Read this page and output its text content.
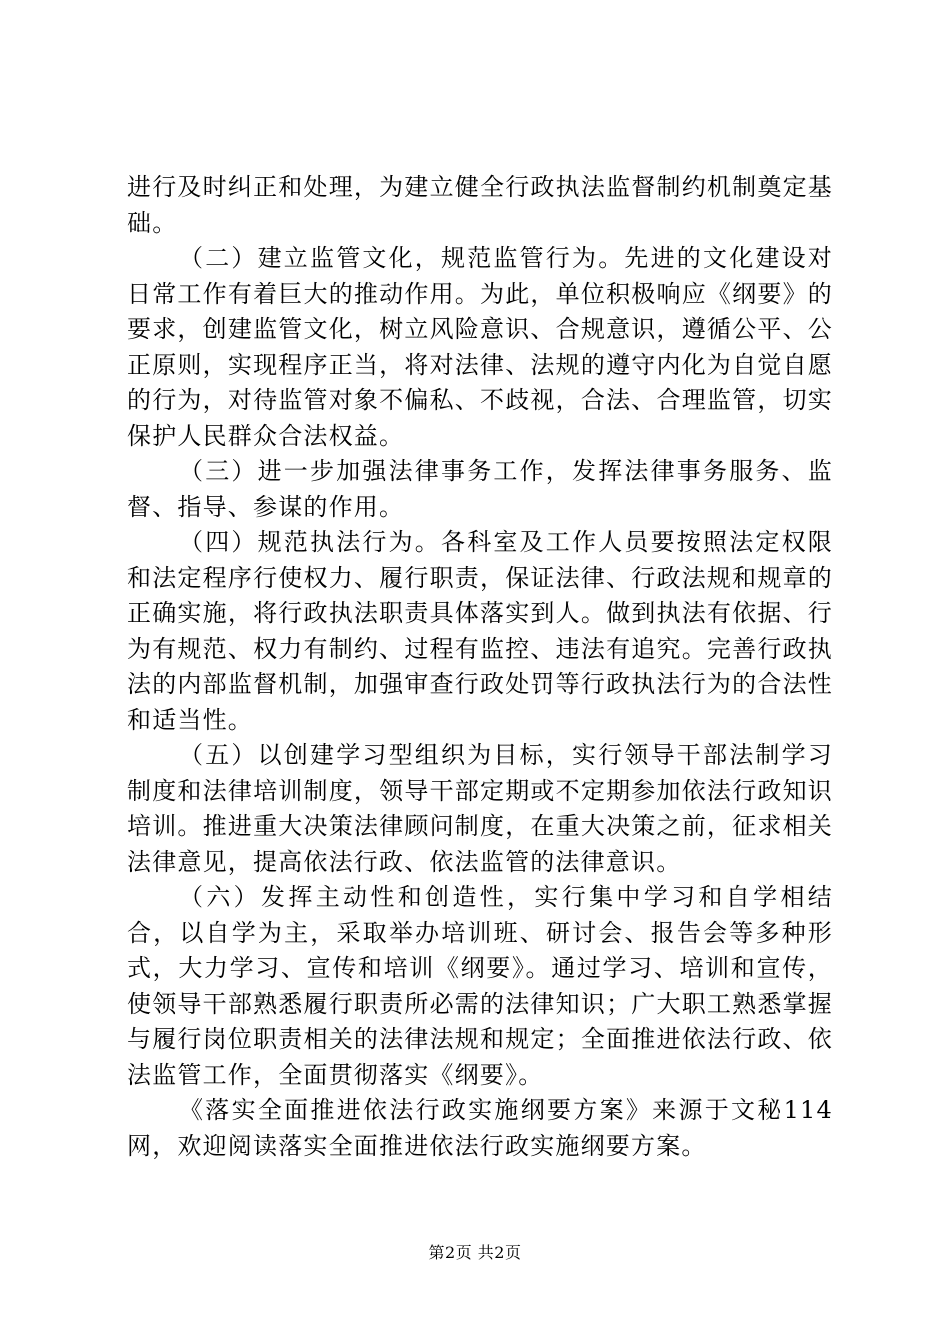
进行及时纠正和处理，为建立健全行政执法监督制约机制奠定基础。

（二）建立监管文化，规范监管行为。先进的文化建设对日常工作有着巨大的推动作用。为此，单位积极响应《纲要》的要求，创建监管文化，树立风险意识、合规意识，遵循公平、公正原则，实现程序正当，将对法律、法规的遵守内化为自觉自愿的行为，对待监管对象不偏私、不歧视，合法、合理监管，切实保护人民群众合法权益。

（三）进一步加强法律事务工作，发挥法律事务服务、监督、指导、参谋的作用。

（四）规范执法行为。各科室及工作人员要按照法定权限和法定程序行使权力、履行职责，保证法律、行政法规和规章的正确实施，将行政执法职责具体落实到人。做到执法有依据、行为有规范、权力有制约、过程有监控、违法有追究。完善行政执法的内部监督机制，加强审查行政处罚等行政执法行为的合法性和适当性。

（五）以创建学习型组织为目标，实行领导干部法制学习制度和法律培训制度，领导干部定期或不定期参加依法行政知识培训。推进重大决策法律顾问制度，在重大决策之前，征求相关法律意见，提高依法行政、依法监管的法律意识。

（六）发挥主动性和创造性，实行集中学习和自学相结合，以自学为主，采取举办培训班、研讨会、报告会等多种形式，大力学习、宣传和培训《纲要》。通过学习、培训和宣传，使领导干部熟悉履行职责所必需的法律知识；广大职工熟悉掌握与履行岗位职责相关的法律法规和规定；全面推进依法行政、依法监管工作，全面贯彻落实《纲要》。

《落实全面推进依法行政实施纲要方案》来源于文秘114网，欢迎阅读落实全面推进依法行政实施纲要方案。

第2页 共2页
